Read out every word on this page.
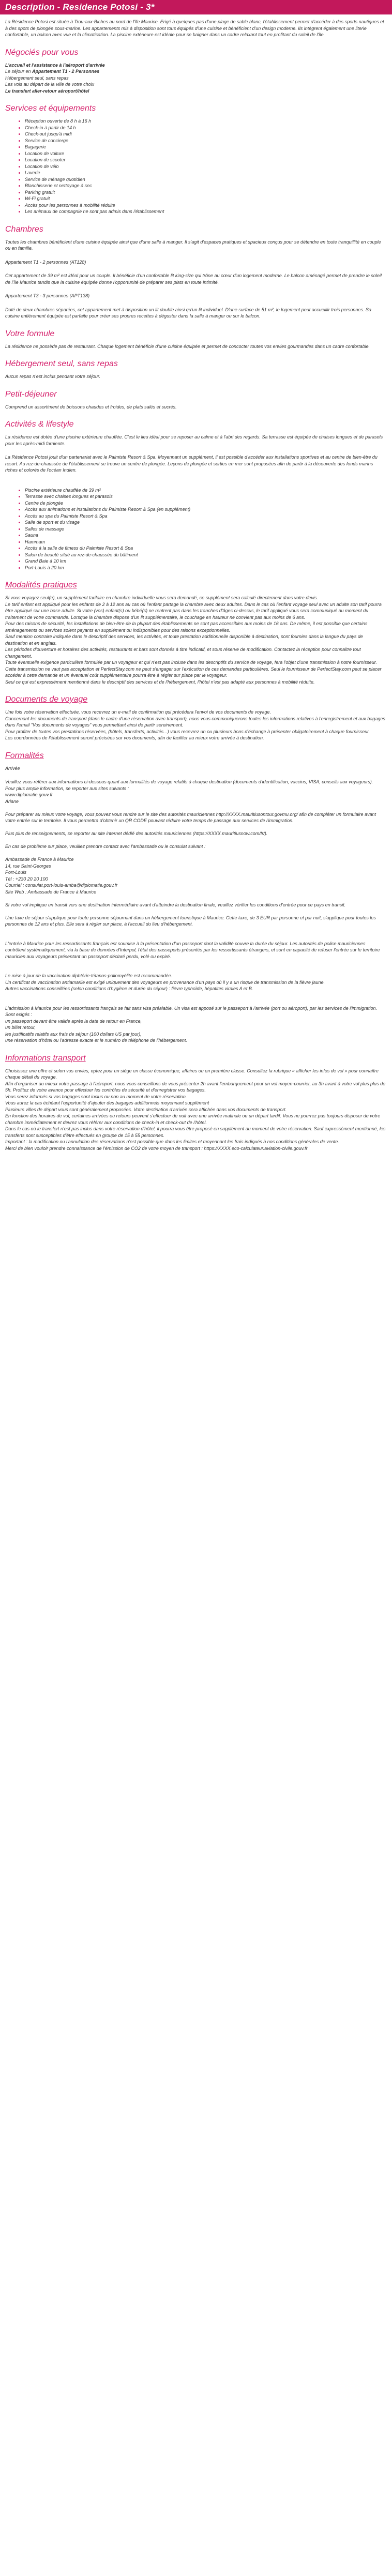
Description - Residence Potosi - 3*

La Résidence Potosi est située à Trou-aux-Biches au nord de l'île Maurice. Erigé à quelques pas d'une plage de sable blanc, l'établissement permet d'accéder à des sports nautiques et à des spots de plongée sous-marine. Les appartements mis à disposition sont tous équipés d'une cuisine et bénéficient d'un design moderne. Ils intègrent également une literie confortable, un balcon avec vue et la climatisation. La piscine extérieure est idéale pour se baigner dans un cadre relaxant tout en profitant du soleil de l'île.

Négociés pour vous
L'accueil et l'assistance à l'aéroport d'arrivée
Le séjour en Appartement T1 - 2 Personnes
Hébergement seul, sans repas
Les vols au départ de la ville de votre choix
Le transfert aller-retour aéroport/hôtel
Services et équipements
• Réception ouverte de 8 h à 16 h
• Check-in à partir de 14 h
• Check-out jusqu'à midi
• Service de concierge
• Bagagerie
• Location de voiture
• Location de scooter
• Location de vélo
• Laverie
• Service de ménage quotidien
• Blanchisserie et nettoyage à sec
• Parking gratuit
• Wi-Fi gratuit
• Accès pour les personnes à mobilité réduite
• Les animaux de compagnie ne sont pas admis dans l'établissement
Chambres

Toutes les chambres bénéficient d'une cuisine équipée ainsi que d'une salle à manger. Il s'agit d'espaces pratiques et spacieux conçus pour se détendre en toute tranquillité en couple ou en famille.

Appartement T1 - 2 personnes (AT128)

Cet appartement de 39 m² est idéal pour un couple. Il bénéficie d'un confortable lit king-size qui trône au cœur d'un logement moderne. Le balcon aménagé permet de prendre le soleil de l'île Maurice tandis que la cuisine équipée donne l'opportunité de préparer ses plats en toute intimité.

Appartement T3 - 3 personnes (APT138)

Doté de deux chambres séparées, cet appartement met à disposition un lit double ainsi qu'un lit individuel. D'une surface de 51 m², le logement peut accueillir trois personnes. Sa cuisine entièrement équipée est parfaite pour créer ses propres recettes à déguster dans la salle à manger ou sur le balcon.

Votre formule

La résidence ne possède pas de restaurant. Chaque logement bénéficie d'une cuisine équipée et permet de concocter toutes vos envies gourmandes dans un cadre confortable.

Hébergement seul, sans repas

Aucun repas n'est inclus pendant votre séjour.

Petit-déjeuner

Comprend un assortiment de boissons chaudes et froides, de plats salés et sucrés.

Activités & lifestyle

La résidence est dotée d'une piscine extérieure chauffée. C'est le lieu idéal pour se reposer au calme et à l'abri des regards. Sa terrasse est équipée de chaises longues et de parasols pour les après-midi farniente.

La Résidence Potosi jouit d'un partenariat avec le Palmiste Resort & Spa. Moyennant un supplément, il est possible d'accéder aux installations sportives et au centre de bien-être du resort. Au rez-de-chaussée de l'établissement se trouve un centre de plongée. Leçons de plongée et sorties en mer sont proposées afin de partir à la découverte des fonds marins riches et colorés de l'océan Indien.

• Piscine extérieure chauffée de 39 m²
• Terrasse avec chaises longues et parasols
• Centre de plongée
• Accès aux animations et installations du Palmiste Resort & Spa (en supplément)
• Accès au spa du Palmiste Resort & Spa
• Salle de sport et du visage
• Salles de massage
• Sauna
• Hammam
• Accès à la salle de fitness du Palmiste Resort & Spa
• Salon de beauté situé au rez-de-chaussée du bâtiment
• Grand Baie à 10 km
• Port-Louis à 20 km
Modalités pratiques
Si vous voyagez seul(e), un supplément tarifaire en chambre individuelle vous sera demandé, ce supplément sera calculé directement dans votre devis.
Le tarif enfant est appliqué pour les enfants de 2 à 12 ans au cas où l'enfant partage la chambre avec deux adultes. Dans le cas où l'enfant voyage seul avec un adulte son tarif pourra être appliqué sur une base adulte. Si votre (vos) enfant(s) ou bébé(s) ne rentrent pas dans les tranches d'âges ci-dessus, le tarif appliqué vous sera communiqué au moment du traitement de votre commande. Lorsque la chambre dispose d'un lit supplémentaire, le couchage en hauteur ne convient pas aux moins de 6 ans.
Pour des raisons de sécurité, les installations de bien-être de la plupart des établissements ne sont pas accessibles aux moins de 16 ans. De même, il est possible que certains aménagements ou services soient payants en supplément ou indisponibles pour des raisons exceptionnelles.
Sauf mention contraire indiquée dans le descriptif des services, les activités, et toute prestation additionnelle disponible à destination, sont fournies dans la langue du pays de destination et en anglais.
Les périodes d'ouverture et horaires des activités, restaurants et bars sont donnés à titre indicatif, et sous réserve de modification. Contactez la réception pour connaître tout changement.
Toute éventuelle exigence particulière formulée par un voyageur et qui n'est pas incluse dans les descriptifs du service de voyage, fera l'objet d'une transmission à notre fournisseur. Cette transmission ne vaut pas acceptation et PerfectStay.com ne peut s'engager sur l'exécution de ces demandes particulières. Seul le fournisseur de PerfectStay.com peut se placer accéder à cette demande et un éventuel coût supplémentaire pourra être à régler sur place par le voyageur.
Seul ce qui est expressément mentionné dans le descriptif des services et de l'hébergement, l'hôtel n'est pas adapté aux personnes à mobilité réduite.
Documents de voyage
Une fois votre réservation effectuée, vous recevrez un e-mail de confirmation qui précédera l'envoi de vos documents de voyage.
Concernant les documents de transport (dans le cadre d'une réservation avec transport), nous vous communiquerons toutes les informations relatives à l'enregistrement et aux bagages dans l'email "Vos documents de voyages" vous permettant ainsi de partir sereinement.
Pour profiter de toutes vos prestations réservées, (hôtels, transferts, activités...) vous recevrez un ou plusieurs bons d'échange à présenter obligatoirement à chaque fournisseur.
Les coordonnées de l'établissement seront précisées sur vos documents, afin de faciliter au mieux votre arrivée à destination.
Formalités

Arrivée

Veuillez vous référer aux informations ci-dessous quant aux formalités de voyage relatifs à chaque destination (documents d'identification, vaccins, VISA, conseils aux voyageurs).
Pour plus ample information, se reporter aux sites suivants :
www.diplomatie.gouv.fr
Ariane

Pour préparer au mieux votre voyage, vous pouvez vous rendre sur le site des autorités mauriciennes http://XXXX.mauritiusontour.govmu.org/ afin de compléter un formulaire avant votre entrée sur le territoire. Il vous permettra d'obtenir un QR CODE pouvant réduire votre temps de passage aux services de l'immigration.

Plus plus de renseignements, se reporter au site internet dédié des autorités mauriciennes (https://XXXX.mauritiusnow.com/fr/).

En cas de problème sur place, veuillez prendre contact avec l'ambassade ou le consulat suivant :

Ambassade de France à Maurice
14, rue Saint-Georges
Port-Louis
Tél : +230 20 20 100
Courriel : consulat.port-louis-amba@diplomatie.gouv.fr
Site Web : Ambassade de France à Maurice

Si votre vol implique un transit vers une destination intermédiaire avant d'atteindre la destination finale, veuillez vérifier les conditions d'entrée pour ce pays en transit.

Une taxe de séjour s'applique pour toute personne séjournant dans un hébergement touristique à Maurice. Cette taxe, de 3 EUR par personne et par nuit, s'applique pour toutes les personnes de 12 ans et plus. Elle sera à régler sur place, à l'accueil du lieu d'hébergement.

L'entrée à Maurice pour les ressortissants français est soumise à la présentation d'un passeport dont la validité couvre la durée du séjour. Les autorités de police mauriciennes contrôlent systématiquement, via la base de données d'Interpol, l'état des passeports présentés par les ressortissants étrangers, et sont en capacité de refuser l'entrée sur le territoire mauricien aux voyageurs présentant un passeport déclaré perdu, volé ou expiré.

Le mise à jour de la vaccination diphtérie-tétanos-poliomyélite est recommandée.
Un certificat de vaccination antiamarile est exigé uniquement des voyageurs en provenance d'un pays où il y a un risque de transmission de la fièvre jaune.
Autres vaccinations conseillées (selon conditions d'hygiène et durée du séjour) : fièvre typhoïde, hépatites virales A et B.

L'admission à Maurice pour les ressortissants français se fait sans visa préalable. Un visa est apposé sur le passeport à l'arrivée (port ou aéroport), par les services de l'immigration.
Sont exigés :
un passeport devant être valide après la date de retour en France,
un billet retour,
les justificatifs relatifs aux frais de séjour (100 dollars US par jour),
une réservation d'hôtel ou l'adresse exacte et le numéro de téléphone de l'hébergement.
Informations transport
Choisissez une offre et selon vos envies, optez pour un siège en classe économique, affaires ou en première classe. Consultez la rubrique « afficher les infos de vol » pour connaître chaque détail du voyage.
Afin d'organiser au mieux votre passage à l'aéroport, nous vous conseillons de vous présenter 2h avant l'embarquement pour un vol moyen-courrier, au 3h avant à votre vol plus plus de 5h. Profitez de votre avance pour effectuer les contrôles de sécurité et d'enregistrer vos bagages.
Vous serez informés si vos bagages sont inclus ou non au moment de votre réservation.
Vous aurez la cas échéant l'opportunité d'ajouter des bagages additionnels moyennant supplément
Plusieurs villes de départ vous sont généralement proposées. Votre destination d'arrivée sera affichée dans vos documents de transport.
En fonction des horaires de vol, certaines arrivées ou retours peuvent s'effectuer de nuit avec une arrivée matinale ou un départ tardif. Vous ne pourrez pas toujours disposer de votre chambre immédiatement et devrez vous référer aux conditions de check-in et check-out de l'hôtel.
Dans le cas où le transfert n'est pas inclus dans votre réservation d'hôtel, il pourra vous être proposé en supplément au moment de votre réservation. Sauf expressément mentionné, les transferts sont susceptibles d'être effectués en groupe de 15 à 55 personnes.
Important : la modification ou l'annulation des réservations n'est possible que dans les limites et moyennant les frais indiqués à nos conditions générales de vente.
Merci de bien vouloir prendre connaissance de l'émission de CO2 de votre moyen de transport : https://XXXX.eco-calculateur.aviation-civile.gouv.fr
